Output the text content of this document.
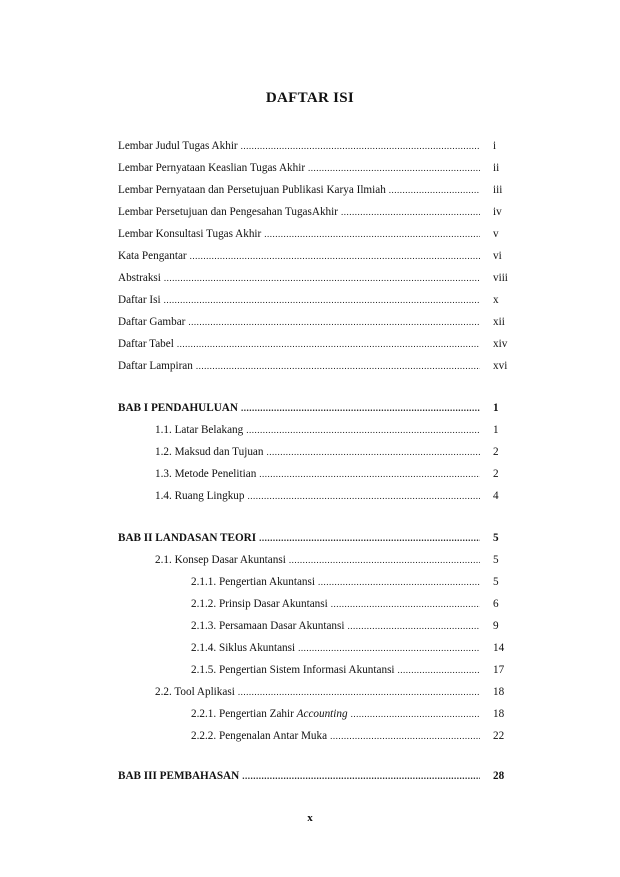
DAFTAR ISI
Lembar Judul Tugas Akhir .....	i
Lembar Pernyataan Keaslian Tugas Akhir .....	ii
Lembar Pernyataan dan Persetujuan Publikasi Karya Ilmiah .....	iii
Lembar Persetujuan dan Pengesahan TugasAkhir .....	iv
Lembar Konsultasi Tugas Akhir .....	v
Kata Pengantar .....	vi
Abstraksi .....	viii
Daftar Isi .....	x
Daftar Gambar .....	xii
Daftar Tabel .....	xiv
Daftar Lampiran .....	xvi
BAB I PENDAHULUAN .....	1
1.1. Latar Belakang .....	1
1.2. Maksud dan Tujuan .....	2
1.3. Metode Penelitian .....	2
1.4. Ruang Lingkup .....	4
BAB II LANDASAN TEORI .....	5
2.1. Konsep Dasar Akuntansi .....	5
2.1.1. Pengertian Akuntansi .....	5
2.1.2. Prinsip Dasar Akuntansi .....	6
2.1.3. Persamaan Dasar Akuntansi .....	9
2.1.4. Siklus Akuntansi .....	14
2.1.5. Pengertian Sistem Informasi Akuntansi .....	17
2.2. Tool Aplikasi .....	18
2.2.1. Pengertian Zahir Accounting .....	18
2.2.2. Pengenalan Antar Muka .....	22
BAB III PEMBAHASAN .....	28
x
